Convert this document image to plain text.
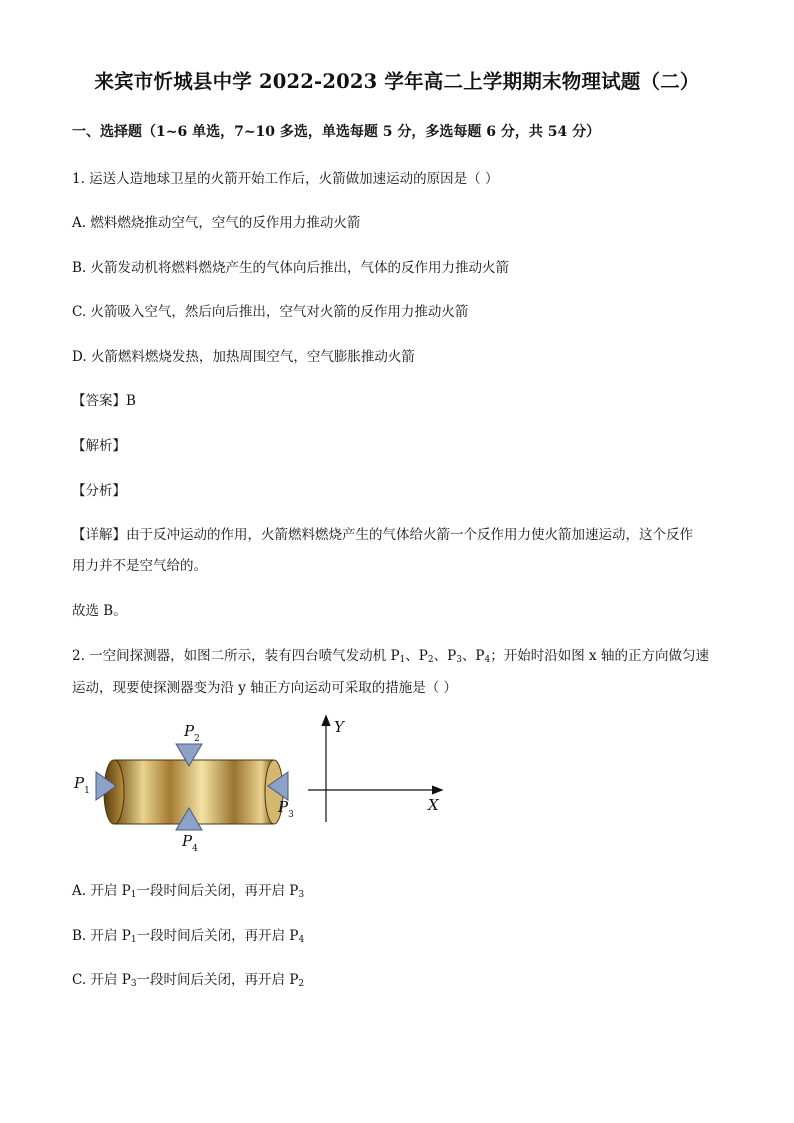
来宾市忻城县中学 2022-2023 学年高二上学期期末物理试题（二）
一、选择题（1~6 单选，7~10 多选，单选每题 5 分，多选每题 6 分，共 54 分）
1. 运送人造地球卫星的火箭开始工作后，火箭做加速运动的原因是（ ）
A. 燃料燃烧推动空气，空气的反作用力推动火箭
B. 火箭发动机将燃料燃烧产生的气体向后推出，气体的反作用力推动火箭
C. 火箭吸入空气，然后向后推出，空气对火箭的反作用力推动火箭
D. 火箭燃料燃烧发热，加热周围空气，空气膨胀推动火箭
【答案】B
【解析】
【分析】
【详解】由于反冲运动的作用，火箭燃料燃烧产生的气体给火箭一个反作用力使火箭加速运动，这个反作
用力并不是空气给的。
故选 B。
2. 一空间探测器，如图二所示，装有四台喷气发动机 $P_1$、$P_2$、$P_3$、$P_4$；开始时沿如图 x 轴的正方向做匀速
运动，现要使探测器变为沿 y 轴正方向运动可采取的措施是（ ）
$P_1$
$P_2$
$P_3$
$P_4$
Y
X
A. 开启 $P_1$一段时间后关闭，再开启 $P_3$
B. 开启 $P_1$一段时间后关闭，再开启 $P_4$
C. 开启 $P_3$一段时间后关闭，再开启 $P_2$
